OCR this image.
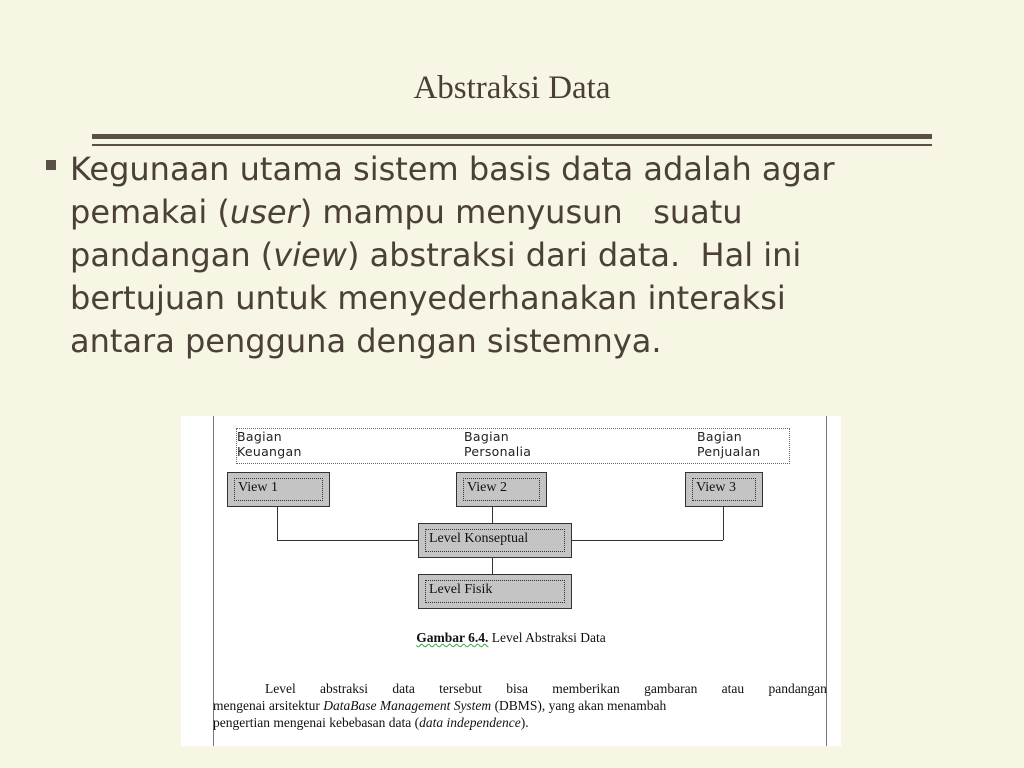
Abstraksi Data
Kegunaan utama sistem basis data adalah agar
pemakai (user) mampu menyusun   suatu
pandangan (view) abstraksi dari data.  Hal ini
bertujuan untuk menyederhanakan interaksi
antara pengguna dengan sistemnya.
Bagian
Keuangan
Bagian
Personalia
Bagian
Penjualan
View 1	View 2	View 3
Level Konseptual
Level Fisik
Gambar 6.4. Level Abstraksi Data
Level abstraksi data tersebut bisa memberikan gambaran atau pandangan
mengenai arsitektur DataBase Management System (DBMS), yang akan menambah
pengertian mengenai kebebasan data (data independence).
